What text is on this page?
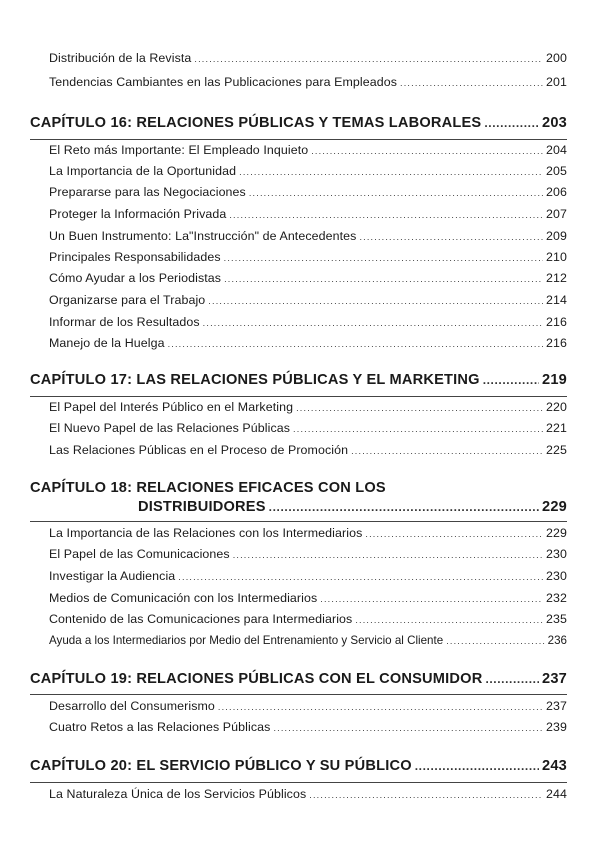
Distribución de la Revista .....	200
Tendencias Cambiantes en las Publicaciones para Empleados .....	201
CAPÍTULO 16: RELACIONES PÚBLICAS Y TEMAS LABORALES .....	203
El Reto más Importante: El Empleado Inquieto .....	204
La Importancia de la Oportunidad .....	205
Prepararse para las Negociaciones .....	206
Proteger la Información Privada .....	207
Un Buen Instrumento: La"Instrucción" de Antecedentes .....	209
Principales Responsabilidades .....	210
Cómo Ayudar a los Periodistas .....	212
Organizarse para el Trabajo .....	214
Informar de los Resultados .....	216
Manejo de la Huelga .....	216
CAPÍTULO 17: LAS RELACIONES PÚBLICAS Y EL MARKETING .....	219
El Papel del Interés Público en el Marketing .....	220
El Nuevo Papel de las Relaciones Públicas .....	221
Las Relaciones Públicas en el Proceso de Promoción .....	225
CAPÍTULO 18: RELACIONES EFICACES CON LOS
DISTRIBUIDORES .....	229
La Importancia de las Relaciones con los Intermediarios .....	229
El Papel de las Comunicaciones .....	230
Investigar la Audiencia .....	230
Medios de Comunicación con los Intermediarios .....	232
Contenido de las Comunicaciones para Intermediarios .....	235
Ayuda a los Intermediarios por Medio del Entrenamiento y Servicio al Cliente .....	236
CAPÍTULO 19: RELACIONES PÚBLICAS CON EL CONSUMIDOR .....	237
Desarrollo del Consumerismo .....	237
Cuatro Retos a las Relaciones Públicas .....	239
CAPÍTULO 20: EL SERVICIO PÚBLICO Y SU PÚBLICO .....	243
La Naturaleza Única de los Servicios Públicos .....	244
